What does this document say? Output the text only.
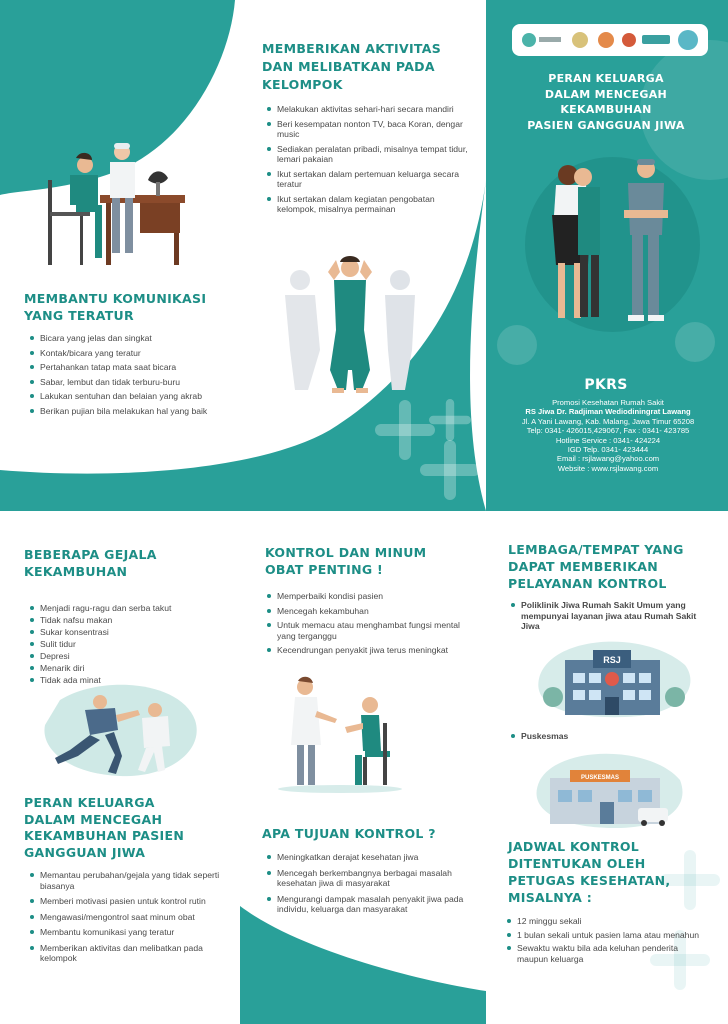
MEMBANTU KOMUNIKASI
YANG TERATUR
Bicara yang jelas dan singkat
Kontak/bicara yang teratur
Pertahankan tatap mata saat bicara
Sabar, lembut dan tidak terburu-buru
Lakukan sentuhan dan belaian yang akrab
Berikan pujian bila melakukan hal yang baik
MEMBERIKAN AKTIVITAS
DAN MELIBATKAN PADA
KELOMPOK
Melakukan aktivitas sehari-hari secara mandiri
Beri kesempatan nonton TV, baca Koran, dengar music
Sediakan peralatan pribadi, misalnya tempat tidur, lemari pakaian
Ikut sertakan dalam pertemuan keluarga secara teratur
Ikut sertakan dalam kegiatan pengobatan kelompok, misalnya permainan
PERAN KELUARGA
DALAM MENCEGAH
KEKAMBUHAN
PASIEN GANGGUAN JIWA
PKRS
Promosi Kesehatan Rumah Sakit
RS Jiwa Dr. Radjiman Wediodiningrat Lawang
Jl. A Yani Lawang, Kab. Malang, Jawa Timur 65208
Telp: 0341- 426015,429067, Fax : 0341- 423785
Hotline Service : 0341- 424224
IGD Telp. 0341- 423444
Email : rsjlawang@yahoo.com
Website : www.rsjlawang.com
BEBERAPA GEJALA
KEKAMBUHAN
Menjadi ragu-ragu dan serba takut
Tidak nafsu makan
Sukar konsentrasi
Sulit tidur
Depresi
Menarik diri
Tidak ada minat
PERAN KELUARGA
DALAM MENCEGAH
KEKAMBUHAN PASIEN
GANGGUAN JIWA
Memantau perubahan/gejala yang tidak seperti biasanya
Memberi motivasi pasien untuk kontrol rutin
Mengawasi/mengontrol saat minum obat
Membantu komunikasi yang teratur
Memberikan aktivitas dan melibatkan pada kelompok
KONTROL DAN MINUM
OBAT PENTING !
Memperbaiki kondisi pasien
Mencegah kekambuhan
Untuk memacu atau menghambat fungsi mental yang terganggu
Kecendrungan penyakit jiwa terus meningkat
APA TUJUAN KONTROL ?
Meningkatkan derajat kesehatan jiwa
Mencegah berkembangnya berbagai masalah kesehatan jiwa di masyarakat
Mengurangi dampak masalah penyakit jiwa pada individu, keluarga dan masyarakat
LEMBAGA/TEMPAT YANG
DAPAT MEMBERIKAN
PELAYANAN KONTROL
Poliklinik Jiwa Rumah Sakit Umum yang mempunyai layanan jiwa atau Rumah Sakit Jiwa
RSJ
Puskesmas
PUSKESMAS
JADWAL KONTROL
DITENTUKAN OLEH
PETUGAS KESEHATAN,
MISALNYA :
12 minggu sekali
1 bulan sekali untuk pasien lama atau menahun
Sewaktu waktu bila ada keluhan penderita maupun keluarga
